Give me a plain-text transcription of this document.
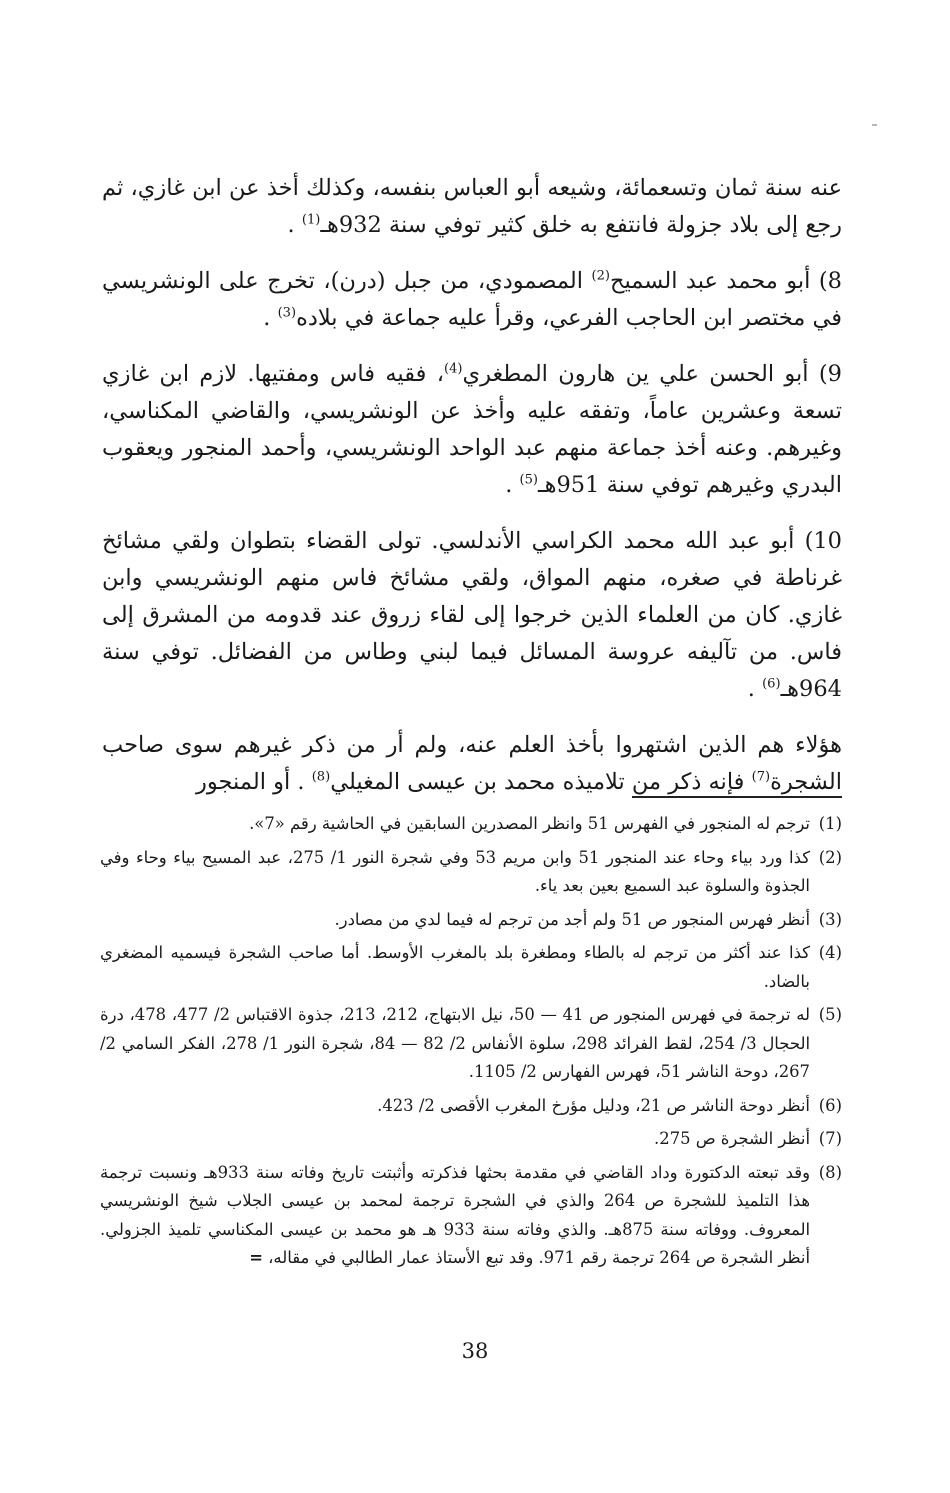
عنه سنة ثمان وتسعمائة، وشيعه أبو العباس بنفسه، وكذلك أخذ عن ابن غازي، ثم رجع إلى بلاد جزولة فانتفع به خلق كثير توفي سنة 932هـ$^{(1)}$ .

8) أبو محمد عبد السميح$^{(2)}$ المصمودي، من جبل (درن)، تخرج على الونشريسي في مختصر ابن الحاجب الفرعي، وقرأ عليه جماعة في بلاده$^{(3)}$ .

9) أبو الحسن علي ين هارون المطغري$^{(4)}$، فقيه فاس ومفتيها. لازم ابن غازي تسعة وعشرين عاماً، وتفقه عليه وأخذ عن الونشريسي، والقاضي المكناسي، وغيرهم. وعنه أخذ جماعة منهم عبد الواحد الونشريسي، وأحمد المنجور ويعقوب البدري وغيرهم توفي سنة 951هـ$^{(5)}$ .

10) أبو عبد الله محمد الكراسي الأندلسي. تولى القضاء بتطوان ولقي مشائخ غرناطة في صغره، منهم المواق، ولقي مشائخ فاس منهم الونشريسي وابن غازي. كان من العلماء الذين خرجوا إلى لقاء زروق عند قدومه من المشرق إلى فاس. من تآليفه عروسة المسائل فيما لبني وطاس من الفضائل. توفي سنة 964هـ$^{(6)}$ .

هؤلاء هم الذين اشتهروا بأخذ العلم عنه، ولم أر من ذكر غيرهم سوى صاحب الشجرة$^{(7)}$ فإنه ذكر من تلاميذه محمد بن عيسى المغيلي$^{(8)}$ . أو المنجور

(1)
ترجم له المنجور في الفهرس 51 وانظر المصدرين السابقين في الحاشية رقم «7».
(2)
كذا ورد بياء وحاء عند المنجور 51 وابن مريم 53 وفي شجرة النور 1/ 275، عبد المسيح بياء وحاء وفي الجذوة والسلوة عبد السميع بعين بعد ياء.
(3)
أنظر فهرس المنجور ص 51 ولم أجد من ترجم له فيما لدي من مصادر.
(4)
كذا عند أكثر من ترجم له بالطاء ومطغرة بلد بالمغرب الأوسط. أما صاحب الشجرة فيسميه المضغري بالضاد.
(5)
له ترجمة في فهرس المنجور ص 41 — 50، نيل الابتهاج، 212، 213، جذوة الاقتباس 2/ 477، 478، درة الحجال 3/ 254، لقط الفرائد 298، سلوة الأنفاس 2/ 82 — 84، شجرة النور 1/ 278، الفكر السامي 2/ 267، دوحة الناشر 51، فهرس الفهارس 2/ 1105.
(6)
أنظر دوحة الناشر ص 21، ودليل مؤرخ المغرب الأقصى 2/ 423.
(7)
أنظر الشجرة ص 275.
(8)
وقد تبعته الدكتورة وداد القاضي في مقدمة بحثها فذكرته وأثبتت تاريخ وفاته سنة 933هـ ونسبت ترجمة هذا التلميذ للشجرة ص 264 والذي في الشجرة ترجمة لمحمد بن عيسى الجلاب شيخ الونشريسي المعروف. ووفاته سنة 875هـ. والذي وفاته سنة 933 هـ هو محمد بن عيسى المكناسي تلميذ الجزولي. أنظر الشجرة ص 264 ترجمة رقم 971. وقد تبع الأستاذ عمار الطالبي في مقاله، =
38
